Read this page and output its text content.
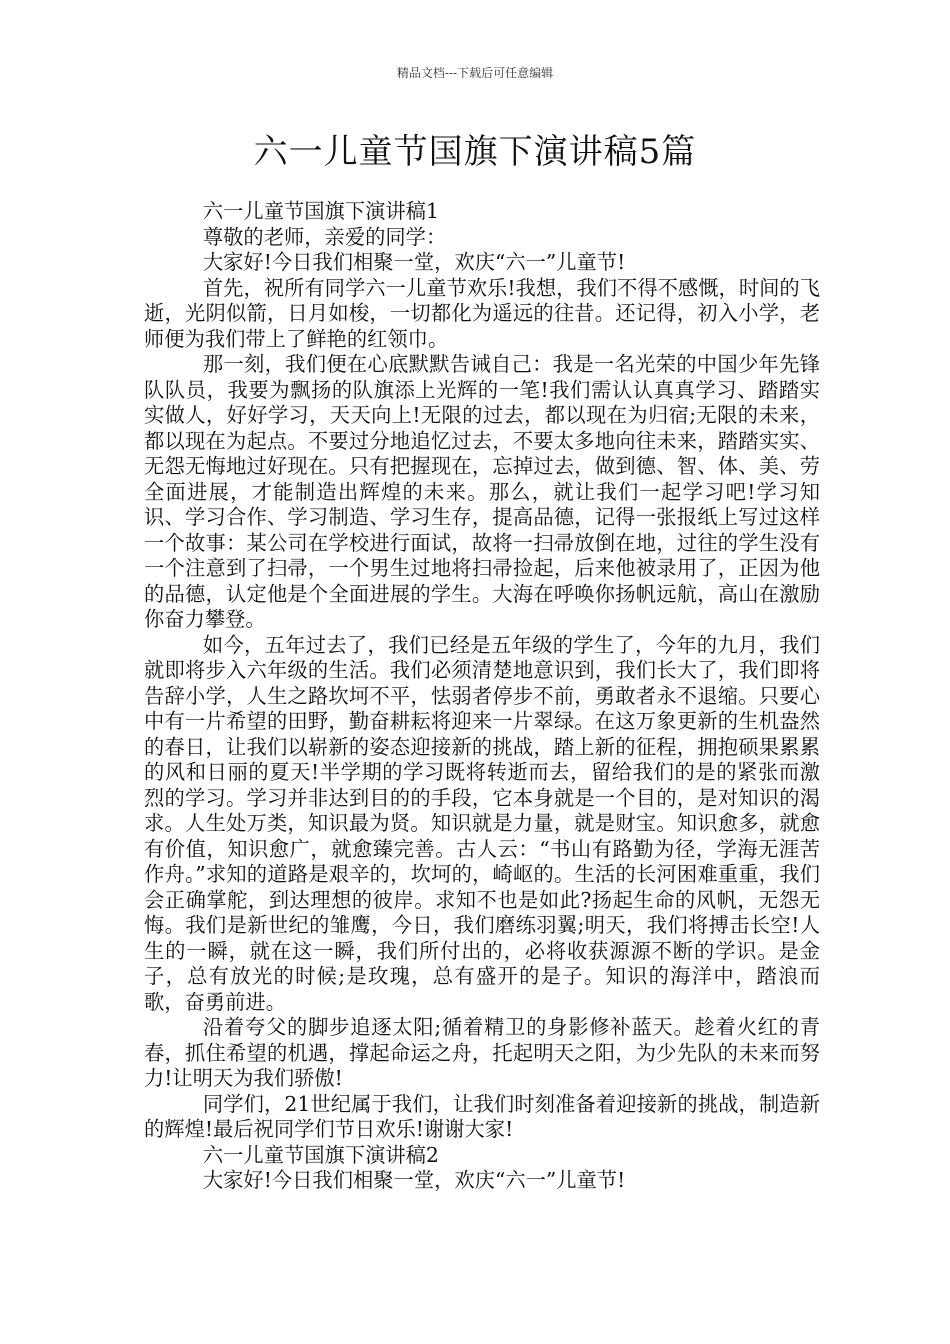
精品文档---下载后可任意编辑
六一儿童节国旗下演讲稿5篇

六一儿童节国旗下演讲稿1

尊敬的老师，亲爱的同学：

大家好!今日我们相聚一堂，欢庆“六一”儿童节!

首先，祝所有同学六一儿童节欢乐!我想，我们不得不感慨，时间的飞逝，光阴似箭，日月如梭，一切都化为遥远的往昔。还记得，初入小学，老师便为我们带上了鲜艳的红领巾。

那一刻，我们便在心底默默告诫自己：我是一名光荣的中国少年先锋队队员，我要为飘扬的队旗添上光辉的一笔!我们需认认真真学习、踏踏实实做人，好好学习，天天向上!无限的过去，都以现在为归宿;无限的未来，都以现在为起点。不要过分地追忆过去，不要太多地向往未来，踏踏实实、无怨无悔地过好现在。只有把握现在，忘掉过去，做到德、智、体、美、劳全面进展，才能制造出辉煌的未来。那么，就让我们一起学习吧!学习知识、学习合作、学习制造、学习生存，提高品德，记得一张报纸上写过这样一个故事：某公司在学校进行面试，故将一扫帚放倒在地，过往的学生没有一个注意到了扫帚，一个男生过地将扫帚捡起，后来他被录用了，正因为他的品德，认定他是个全面进展的学生。大海在呼唤你扬帆远航，高山在激励你奋力攀登。

如今，五年过去了，我们已经是五年级的学生了，今年的九月，我们就即将步入六年级的生活。我们必须清楚地意识到，我们长大了，我们即将告辞小学，人生之路坎坷不平，怯弱者停步不前，勇敢者永不退缩。只要心中有一片希望的田野，勤奋耕耘将迎来一片翠绿。在这万象更新的生机盎然的春日，让我们以崭新的姿态迎接新的挑战，踏上新的征程，拥抱硕果累累的风和日丽的夏天!半学期的学习既将转逝而去，留给我们的是的紧张而激烈的学习。学习并非达到目的的手段，它本身就是一个目的，是对知识的渴求。人生处万类，知识最为贤。知识就是力量，就是财宝。知识愈多，就愈有价值，知识愈广，就愈臻完善。古人云：“书山有路勤为径，学海无涯苦作舟。”求知的道路是艰辛的，坎坷的，崎岖的。生活的长河困难重重，我们会正确掌舵，到达理想的彼岸。求知不也是如此?扬起生命的风帆，无怨无悔。我们是新世纪的雏鹰，今日，我们磨练羽翼;明天，我们将搏击长空!人生的一瞬，就在这一瞬，我们所付出的，必将收获源源不断的学识。是金子，总有放光的时候;是玫瑰，总有盛开的是子。知识的海洋中，踏浪而歌，奋勇前进。

沿着夸父的脚步追逐太阳;循着精卫的身影修补蓝天。趁着火红的青春，抓住希望的机遇，撑起命运之舟，托起明天之阳，为少先队的未来而努力!让明天为我们骄傲!

同学们，21世纪属于我们，让我们时刻准备着迎接新的挑战，制造新的辉煌!最后祝同学们节日欢乐!谢谢大家!

六一儿童节国旗下演讲稿2

大家好!今日我们相聚一堂，欢庆“六一”儿童节!
